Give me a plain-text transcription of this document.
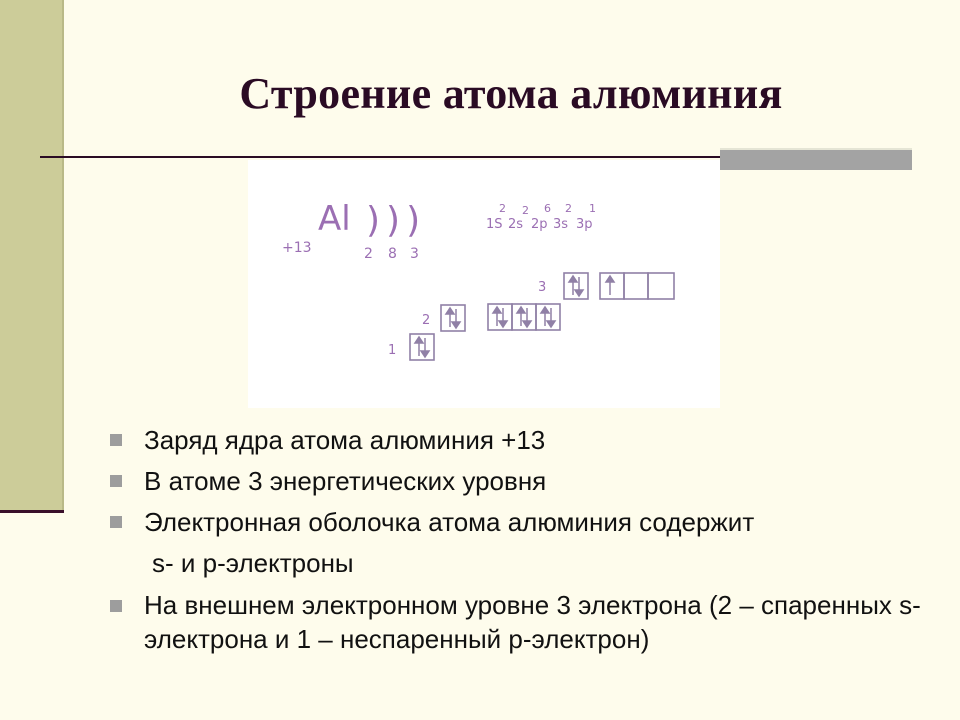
Строение атома алюминия
Al )))
+13	2 8 3
2
1S
2
2s
6
2p
2
3s
1
3p
1
2
3
Заряд ядра атома алюминия +13
В атоме 3 энергетических уровня
Электронная оболочка атома алюминия содержит
s- и р-электроны
На внешнем электронном уровне 3 электрона (2 – спаренных s-электрона и 1 – неспаренный р-электрон)
